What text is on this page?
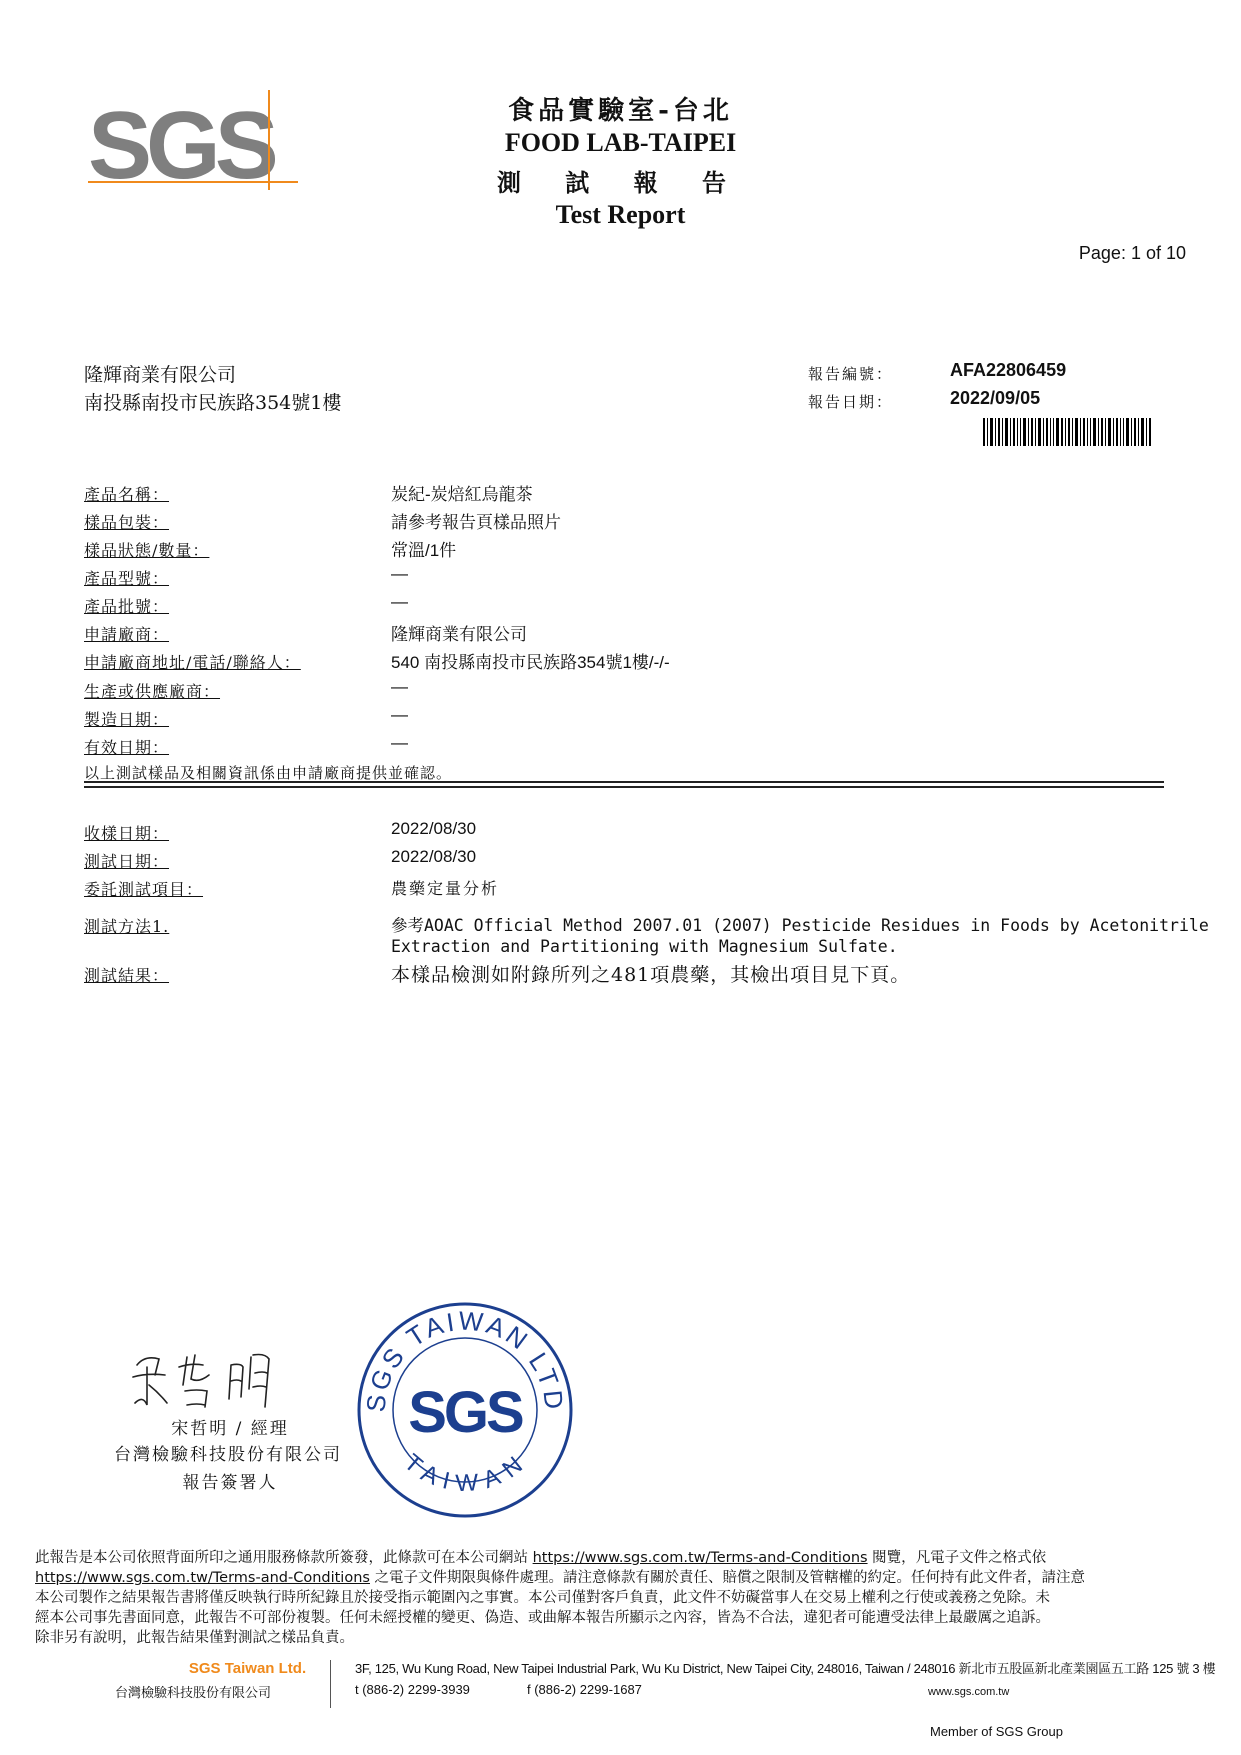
SGS	食品實驗室-台北
FOOD LAB-TAIPEI
測 試 報 告
Test Report
Page: 1 of 10
隆輝商業有限公司
南投縣南投市民族路354號1樓
報告編號：	AFA22806459
報告日期：	2022/09/05
產品名稱：	炭紀-炭焙紅烏龍茶
樣品包裝：	請參考報告頁樣品照片
樣品狀態/數量：	常溫/1件
產品型號：	—
產品批號：	—
申請廠商：	隆輝商業有限公司
申請廠商地址/電話/聯絡人：	540 南投縣南投市民族路354號1樓/-/-
生產或供應廠商：	—
製造日期：	—
有效日期：	—
以上測試樣品及相關資訊係由申請廠商提供並確認。
收樣日期：	2022/08/30
測試日期：	2022/08/30
委託測試項目：	農藥定量分析
測試方法1.	參考AOAC Official Method 2007.01 (2007) Pesticide Residues in Foods by Acetonitrile
Extraction and Partitioning with Magnesium Sulfate.
測試結果：	本樣品檢測如附錄所列之481項農藥，其檢出項目見下頁。
宋哲明 / 經理
台灣檢驗科技股份有限公司
報告簽署人
SGS TAIWAN LTD
TAIWAN
SGS
此報告是本公司依照背面所印之通用服務條款所簽發，此條款可在本公司網站 https://www.sgs.com.tw/Terms-and-Conditions 閱覽，凡電子文件之格式依
https://www.sgs.com.tw/Terms-and-Conditions 之電子文件期限與條件處理。請注意條款有關於責任、賠償之限制及管轄權的約定。任何持有此文件者，請注意
本公司製作之結果報告書將僅反映執行時所紀錄且於接受指示範圍內之事實。本公司僅對客戶負責，此文件不妨礙當事人在交易上權利之行使或義務之免除。未
經本公司事先書面同意，此報告不可部份複製。任何未經授權的變更、偽造、或曲解本報告所顯示之內容，皆為不合法，違犯者可能遭受法律上最嚴厲之追訴。
除非另有說明，此報告結果僅對測試之樣品負責。
SGS Taiwan Ltd.
台灣檢驗科技股份有限公司
3F, 125, Wu Kung Road, New Taipei Industrial Park, Wu Ku District, New Taipei City, 248016, Taiwan / 248016 新北市五股區新北產業園區五工路 125 號 3 樓
t (886-2) 2299-3939	f (886-2) 2299-1687	www.sgs.com.tw
Member of SGS Group
